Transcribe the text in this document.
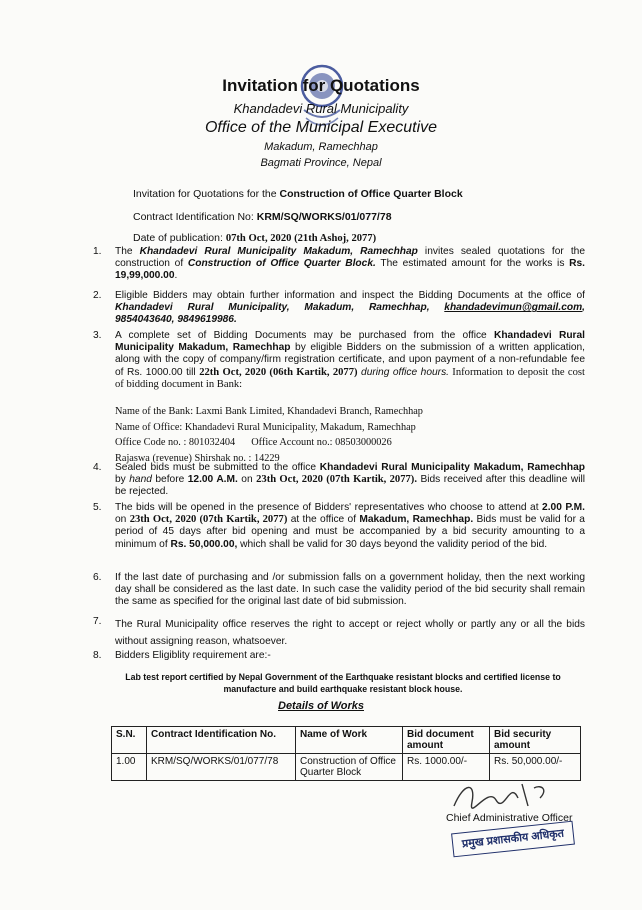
Invitation for Quotations
Khandadevi Rural Municipality
Office of the Municipal Executive
Makadum, Ramechhap
Bagmati Province, Nepal
Invitation for Quotations for the Construction of Office Quarter Block
Contract Identification No: KRM/SQ/WORKS/01/077/78
Date of publication: 07th Oct, 2020 (21th Ashoj, 2077)
1.	The Khandadevi Rural Municipality Makadum, Ramechhap invites sealed quotations for the construction of Construction of Office Quarter Block. The estimated amount for the works is Rs. 19,99,000.00.
2.	Eligible Bidders may obtain further information and inspect the Bidding Documents at the office of Khandadevi Rural Municipality, Makadum, Ramechhap, khandadevimun@gmail.com, 9854043640, 9849619986.
3.	A complete set of Bidding Documents may be purchased from the office Khandadevi Rural Municipality Makadum, Ramechhap by eligible Bidders on the submission of a written application, along with the copy of company/firm registration certificate, and upon payment of a non-refundable fee of Rs. 1000.00 till 22th Oct, 2020 (06th Kartik, 2077) during office hours. Information to deposit the cost of bidding document in Bank:
Name of the Bank: Laxmi Bank Limited, Khandadevi Branch, Ramechhap
Name of Office: Khandadevi Rural Municipality, Makadum, Ramechhap
Office Code no. : 801032404 Office Account no.: 08503000026
Rajaswa (revenue) Shirshak no. : 14229
4.	Sealed bids must be submitted to the office Khandadevi Rural Municipality Makadum, Ramechhap by hand before 12.00 A.M. on 23th Oct, 2020 (07th Kartik, 2077). Bids received after this deadline will be rejected.
5.	The bids will be opened in the presence of Bidders' representatives who choose to attend at 2.00 P.M. on 23th Oct, 2020 (07th Kartik, 2077) at the office of Makadum, Ramechhap. Bids must be valid for a period of 45 days after bid opening and must be accompanied by a bid security amounting to a minimum of Rs. 50,000.00, which shall be valid for 30 days beyond the validity period of the bid.
6.	If the last date of purchasing and /or submission falls on a government holiday, then the next working day shall be considered as the last date. In such case the validity period of the bid security shall remain the same as specified for the original last date of bid submission.
7.	The Rural Municipality office reserves the right to accept or reject wholly or partly any or all the bids without assigning reason, whatsoever.
8.	Bidders Eligiblity requirement are:-
Lab test report certified by Nepal Government of the Earthquake resistant blocks and certified license to manufacture and build earthquake resistant block house.
Details of Works
S.N.	Contract Identification No.	Name of Work	Bid document amount	Bid security amount
1.00	KRM/SQ/WORKS/01/077/78	Construction of Office Quarter Block	Rs. 1000.00/-	Rs. 50,000.00/-
Chief Administrative Officer
प्रमुख प्रशासकीय अधिकृत
